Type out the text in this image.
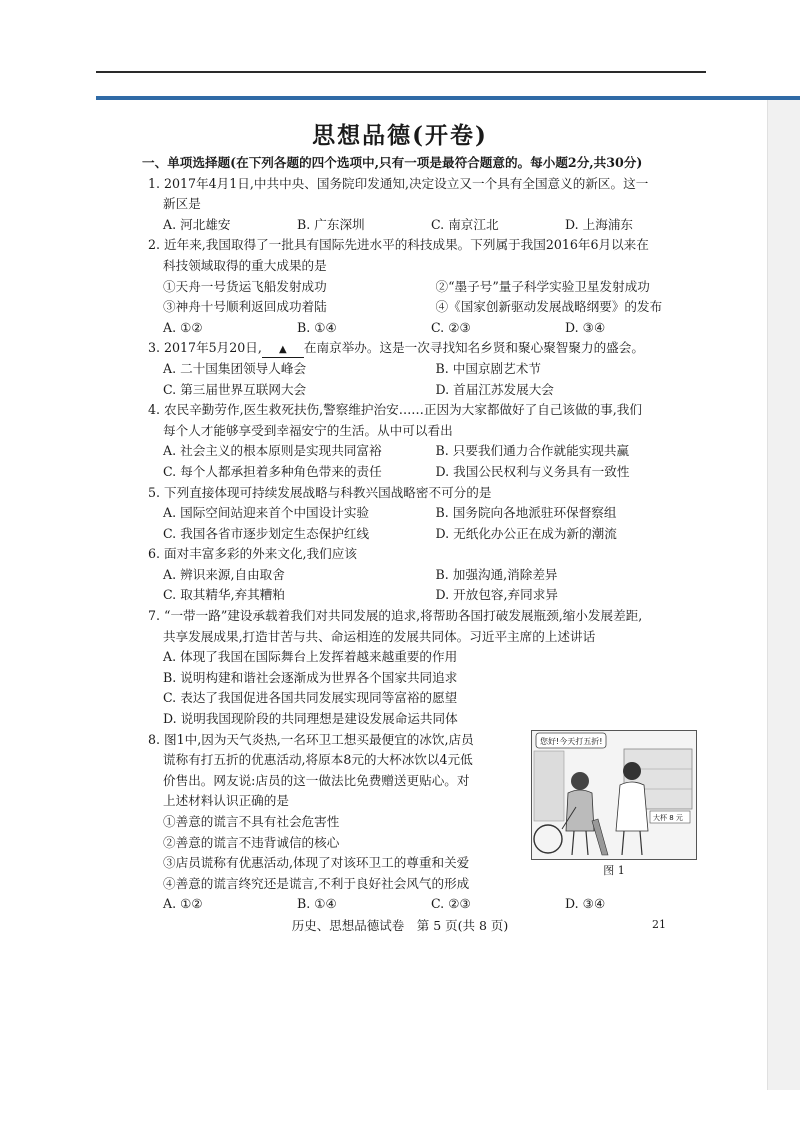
思想品德(开卷)
一、单项选择题(在下列各题的四个选项中,只有一项是最符合题意的。每小题2分,共30分)
1. 2017年4月1日,中共中央、国务院印发通知,决定设立又一个具有全国意义的新区。这一
新区是
A. 河北雄安	B. 广东深圳	C. 南京江北	D. 上海浦东
2. 近年来,我国取得了一批具有国际先进水平的科技成果。下列属于我国2016年6月以来在
科技领域取得的重大成果的是
①天舟一号货运飞船发射成功	②“墨子号”量子科学实验卫星发射成功
③神舟十号顺利返回成功着陆	④《国家创新驱动发展战略纲要》的发布
A. ①②	B. ①④	C. ②③	D. ③④
3. 2017年5月20日, ▲ 在南京举办。这是一次寻找知名乡贤和聚心聚智聚力的盛会。
A. 二十国集团领导人峰会	B. 中国京剧艺术节
C. 第三届世界互联网大会	D. 首届江苏发展大会
4. 农民辛勤劳作,医生救死扶伤,警察维护治安……正因为大家都做好了自己该做的事,我们
每个人才能够享受到幸福安宁的生活。从中可以看出
A. 社会主义的根本原则是实现共同富裕	B. 只要我们通力合作就能实现共赢
C. 每个人都承担着多种角色带来的责任	D. 我国公民权利与义务具有一致性
5. 下列直接体现可持续发展战略与科教兴国战略密不可分的是
A. 国际空间站迎来首个中国设计实验	B. 国务院向各地派驻环保督察组
C. 我国各省市逐步划定生态保护红线	D. 无纸化办公正在成为新的潮流
6. 面对丰富多彩的外来文化,我们应该
A. 辨识来源,自由取舍	B. 加强沟通,消除差异
C. 取其精华,弃其糟粕	D. 开放包容,弃同求异
7. “一带一路”建设承载着我们对共同发展的追求,将帮助各国打破发展瓶颈,缩小发展差距,
共享发展成果,打造甘苦与共、命运相连的发展共同体。习近平主席的上述讲话
A. 体现了我国在国际舞台上发挥着越来越重要的作用
B. 说明构建和谐社会逐渐成为世界各个国家共同追求
C. 表达了我国促进各国共同发展实现同等富裕的愿望
D. 说明我国现阶段的共同理想是建设发展命运共同体
8. 图1中,因为天气炎热,一名环卫工想买最便宜的冰饮,店员
谎称有打五折的优惠活动,将原本8元的大杯冰饮以4元低
价售出。网友说:店员的这一做法比免费赠送更贴心。对
上述材料认识正确的是
①善意的谎言不具有社会危害性
②善意的谎言不违背诚信的核心
③店员谎称有优惠活动,体现了对该环卫工的尊重和关爱
④善意的谎言终究还是谎言,不利于良好社会风气的形成
A. ①②	B. ①④	C. ②③	D. ③④
您好!今天打五折!
大杯 8 元
图 1
历史、思想品德试卷　第 5 页(共 8 页)	21
